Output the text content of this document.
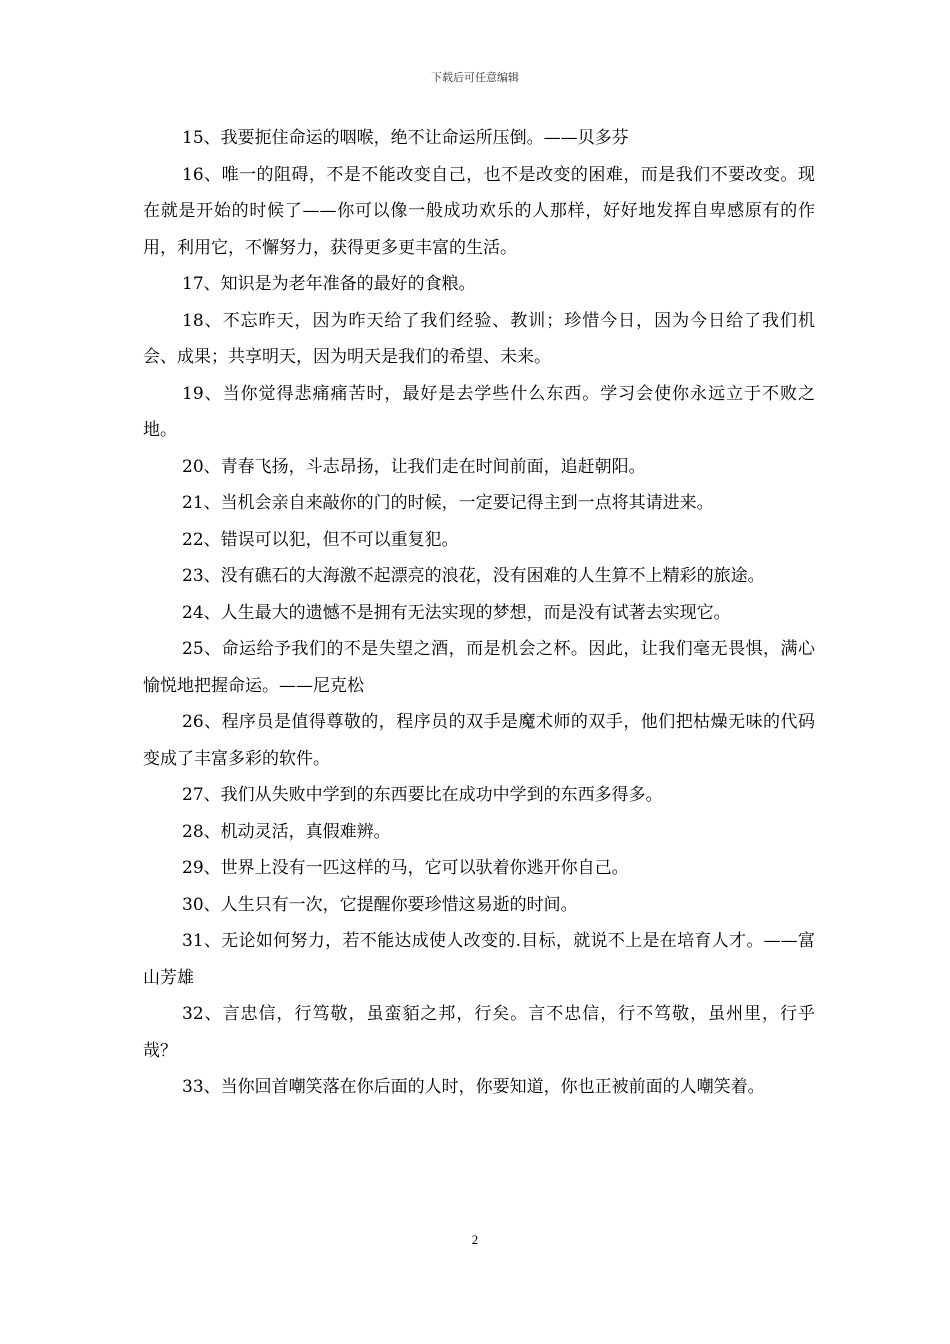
下载后可任意编辑

15、我要扼住命运的咽喉，绝不让命运所压倒。——贝多芬

16、唯一的阻碍，不是不能改变自己，也不是改变的困难，而是我们不要改变。现在就是开始的时候了——你可以像一般成功欢乐的人那样，好好地发挥自卑感原有的作用，利用它，不懈努力，获得更多更丰富的生活。

17、知识是为老年准备的最好的食粮。

18、不忘昨天，因为昨天给了我们经验、教训；珍惜今日，因为今日给了我们机会、成果；共享明天，因为明天是我们的希望、未来。

19、当你觉得悲痛痛苦时，最好是去学些什么东西。学习会使你永远立于不败之地。

20、青春飞扬，斗志昂扬，让我们走在时间前面，追赶朝阳。

21、当机会亲自来敲你的门的时候，一定要记得主到一点将其请进来。

22、错误可以犯，但不可以重复犯。

23、没有礁石的大海激不起漂亮的浪花，没有困难的人生算不上精彩的旅途。

24、人生最大的遗憾不是拥有无法实现的梦想，而是没有试著去实现它。

25、命运给予我们的不是失望之酒，而是机会之杯。因此，让我们毫无畏惧，满心愉悦地把握命运。——尼克松

26、程序员是值得尊敬的，程序员的双手是魔术师的双手，他们把枯燥无味的代码变成了丰富多彩的软件。

27、我们从失败中学到的东西要比在成功中学到的东西多得多。

28、机动灵活，真假难辨。

29、世界上没有一匹这样的马，它可以驮着你逃开你自己。

30、人生只有一次，它提醒你要珍惜这易逝的时间。

31、无论如何努力，若不能达成使人改变的.目标，就说不上是在培育人才。——富山芳雄

32、言忠信，行笃敬，虽蛮貊之邦，行矣。言不忠信，行不笃敬，虽州里，行乎哉？

33、当你回首嘲笑落在你后面的人时，你要知道，你也正被前面的人嘲笑着。

2
